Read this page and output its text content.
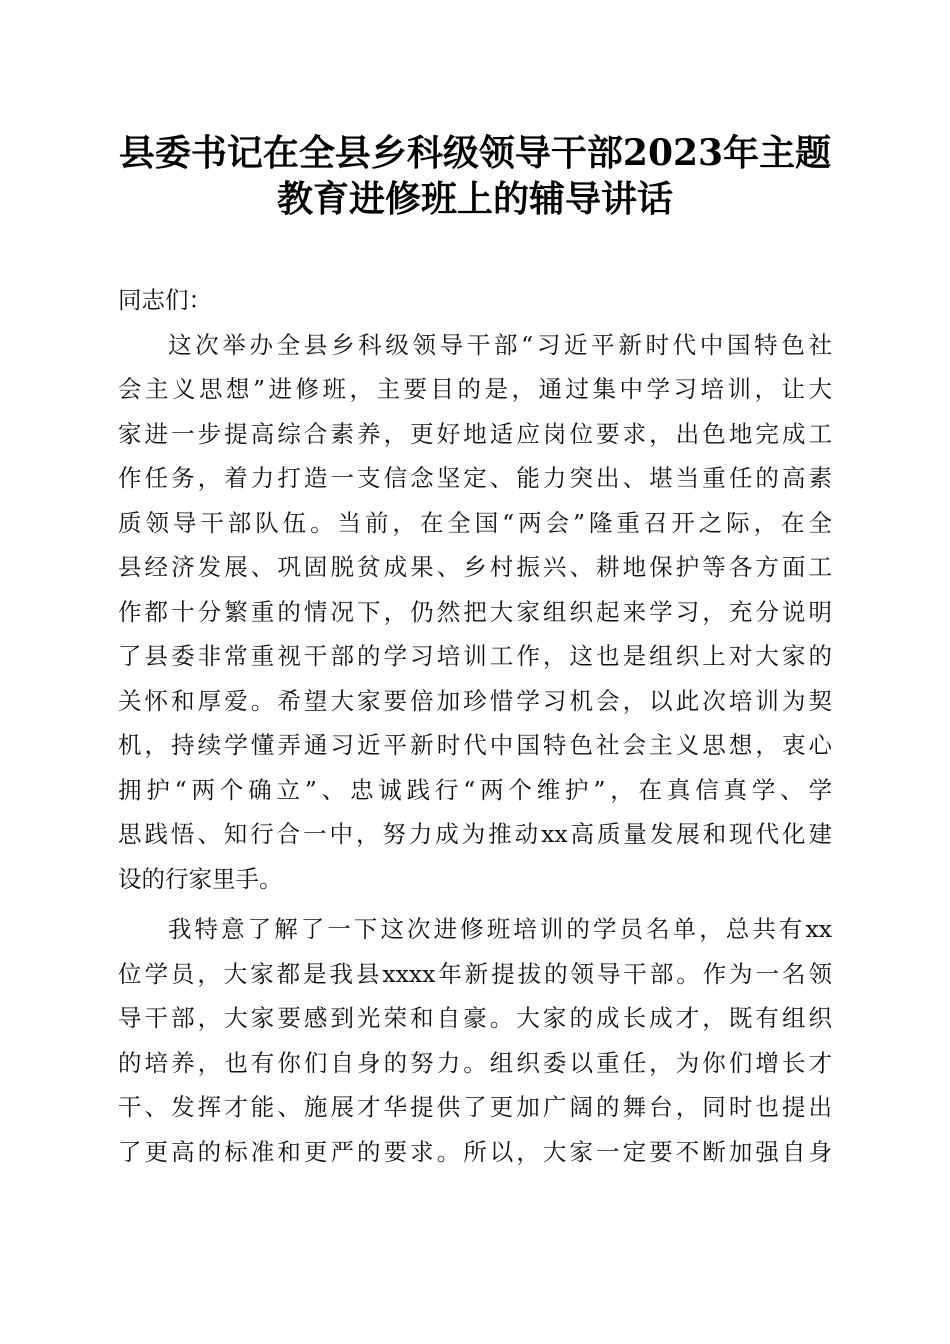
县委书记在全县乡科级领导干部2023年主题
教育进修班上的辅导讲话
同志们：

这次举办全县乡科级领导干部“习近平新时代中国特色社
会主义思想”进修班，主要目的是，通过集中学习培训，让大
家进一步提高综合素养，更好地适应岗位要求，出色地完成工
作任务，着力打造一支信念坚定、能力突出、堪当重任的高素
质领导干部队伍。当前，在全国“两会”隆重召开之际，在全
县经济发展、巩固脱贫成果、乡村振兴、耕地保护等各方面工
作都十分繁重的情况下，仍然把大家组织起来学习，充分说明
了县委非常重视干部的学习培训工作，这也是组织上对大家的
关怀和厚爱。希望大家要倍加珍惜学习机会，以此次培训为契
机，持续学懂弄通习近平新时代中国特色社会主义思想，衷心
拥护“两个确立”、忠诚践行“两个维护”，在真信真学、学
思践悟、知行合一中，努力成为推动xx高质量发展和现代化建
设的行家里手。

我特意了解了一下这次进修班培训的学员名单，总共有xx
位学员，大家都是我县xxxx年新提拔的领导干部。作为一名领
导干部，大家要感到光荣和自豪。大家的成长成才，既有组织
的培养，也有你们自身的努力。组织委以重任，为你们增长才
干、发挥才能、施展才华提供了更加广阔的舞台，同时也提出
了更高的标准和更严的要求。所以，大家一定要不断加强自身
